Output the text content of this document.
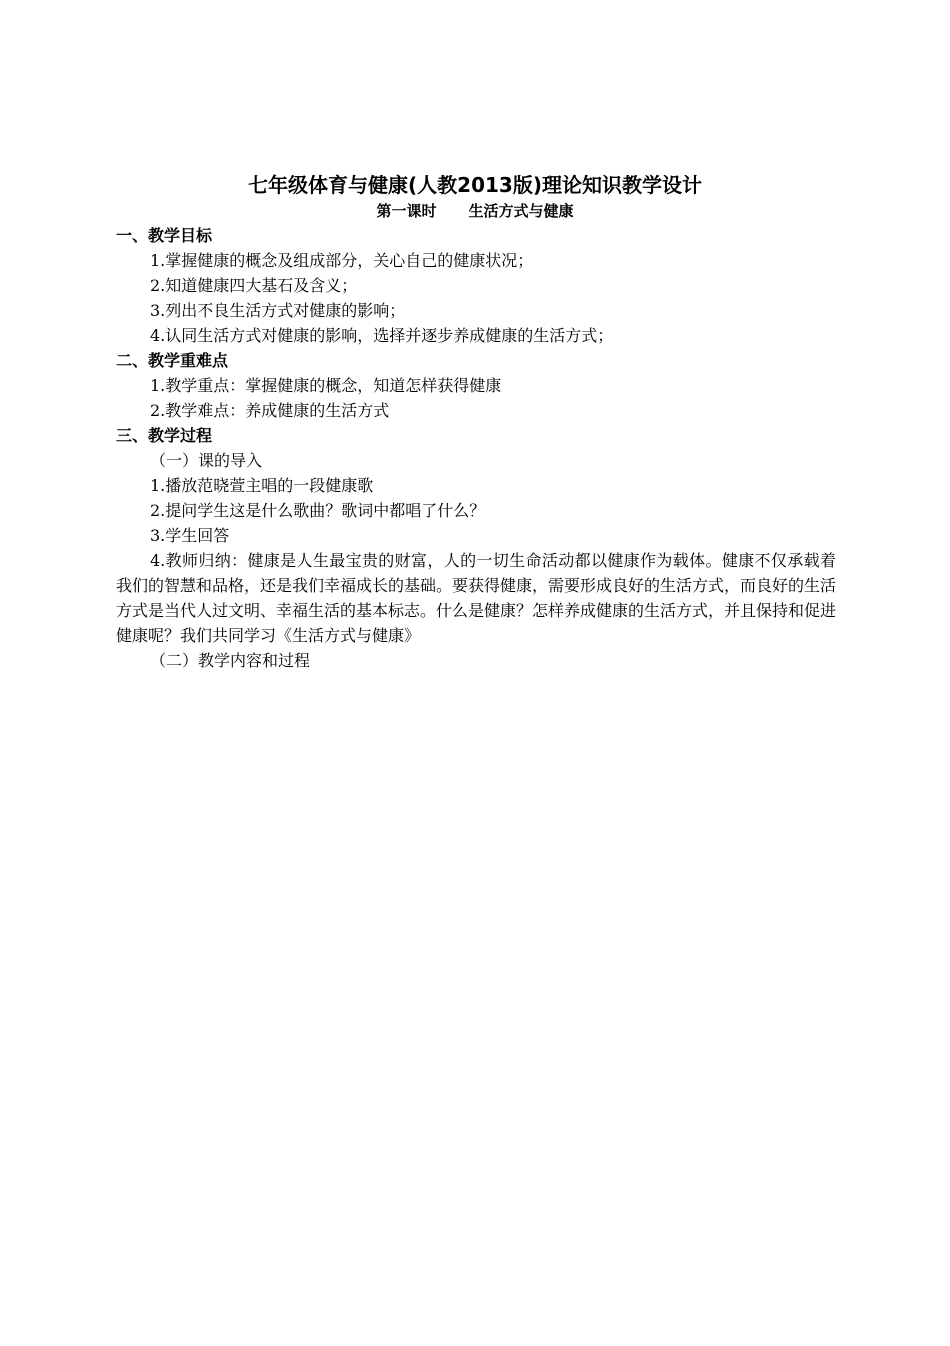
七年级体育与健康(人教2013版)理论知识教学设计
第一课时 生活方式与健康
一、教学目标
1.掌握健康的概念及组成部分，关心自己的健康状况；
2.知道健康四大基石及含义；
3.列出不良生活方式对健康的影响；
4.认同生活方式对健康的影响，选择并逐步养成健康的生活方式；
二、教学重难点
1.教学重点：掌握健康的概念，知道怎样获得健康
2.教学难点：养成健康的生活方式
三、教学过程
（一）课的导入
1.播放范晓萱主唱的一段健康歌
2.提问学生这是什么歌曲？歌词中都唱了什么？
3.学生回答

4.教师归纳：健康是人生最宝贵的财富，人的一切生命活动都以健康作为载体。健康不仅承载着我们的智慧和品格，还是我们幸福成长的基础。要获得健康，需要形成良好的生活方式，而良好的生活方式是当代人过文明、幸福生活的基本标志。什么是健康？怎样养成健康的生活方式，并且保持和促进健康呢？我们共同学习《生活方式与健康》

（二）教学内容和过程
